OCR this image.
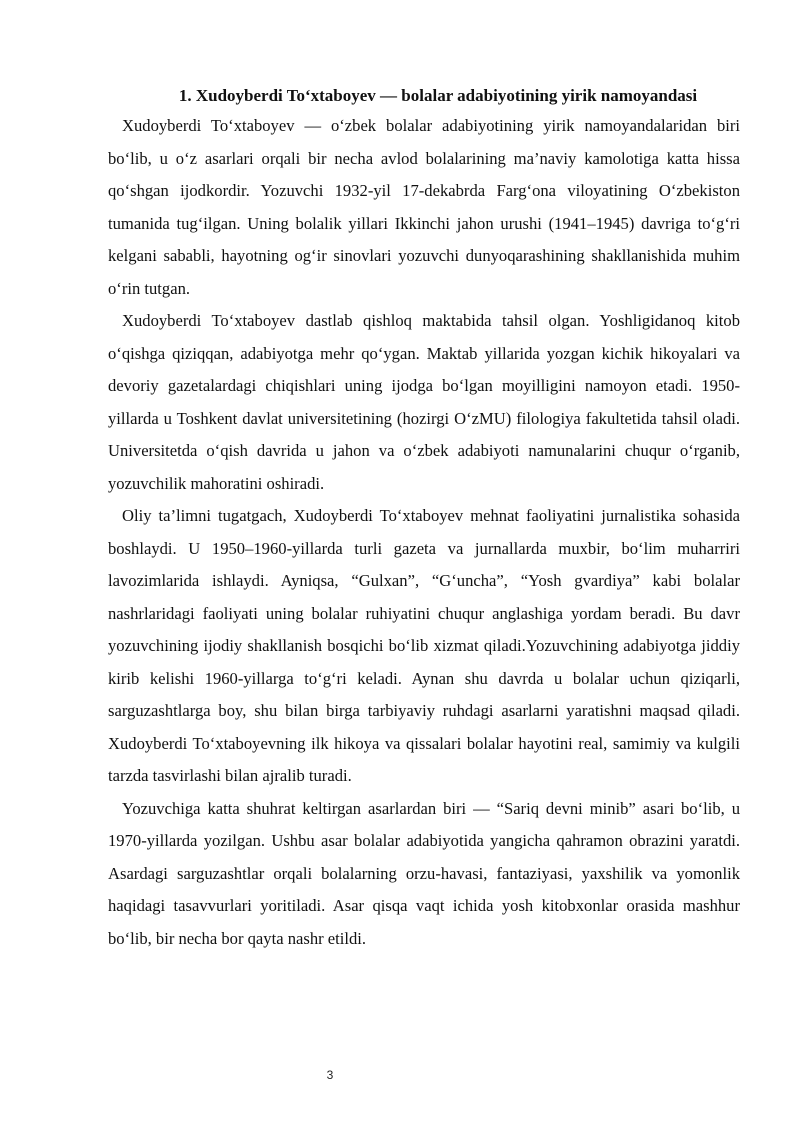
1. Xudoyberdi To‘xtaboyev — bolalar adabiyotining yirik namoyandasi

Xudoyberdi To‘xtaboyev — o‘zbek bolalar adabiyotining yirik namoyandalaridan biri bo‘lib, u o‘z asarlari orqali bir necha avlod bolalarining ma’naviy kamolotiga katta hissa qo‘shgan ijodkordir. Yozuvchi 1932-yil 17-dekabrda Farg‘ona viloyatining O‘zbekiston tumanida tug‘ilgan. Uning bolalik yillari Ikkinchi jahon urushi (1941–1945) davriga to‘g‘ri kelgani sababli, hayotning og‘ir sinovlari yozuvchi dunyoqarashining shakllanishida muhim o‘rin tutgan.

Xudoyberdi To‘xtaboyev dastlab qishloq maktabida tahsil olgan. Yoshligidanoq kitob o‘qishga qiziqqan, adabiyotga mehr qo‘ygan. Maktab yillarida yozgan kichik hikoyalari va devoriy gazetalardagi chiqishlari uning ijodga bo‘lgan moyilligini namoyon etadi. 1950-yillarda u Toshkent davlat universitetining (hozirgi O‘zMU) filologiya fakultetida tahsil oladi. Universitetda o‘qish davrida u jahon va o‘zbek adabiyoti namunalarini chuqur o‘rganib, yozuvchilik mahoratini oshiradi.

Oliy ta’limni tugatgach, Xudoyberdi To‘xtaboyev mehnat faoliyatini jurnalistika sohasida boshlaydi. U 1950–1960-yillarda turli gazeta va jurnallarda muxbir, bo‘lim muharriri lavozimlarida ishlaydi. Ayniqsa, “Gulxan”, “G‘uncha”, “Yosh gvardiya” kabi bolalar nashrlaridagi faoliyati uning bolalar ruhiyatini chuqur anglashiga yordam beradi. Bu davr yozuvchining ijodiy shakllanish bosqichi bo‘lib xizmat qiladi.Yozuvchining adabiyotga jiddiy kirib kelishi 1960-yillarga to‘g‘ri keladi. Aynan shu davrda u bolalar uchun qiziqarli, sarguzashtlarga boy, shu bilan birga tarbiyaviy ruhdagi asarlarni yaratishni maqsad qiladi. Xudoyberdi To‘xtaboyevning ilk hikoya va qissalari bolalar hayotini real, samimiy va kulgili tarzda tasvirlashi bilan ajralib turadi.

Yozuvchiga katta shuhrat keltirgan asarlardan biri — “Sariq devni minib” asari bo‘lib, u 1970-yillarda yozilgan. Ushbu asar bolalar adabiyotida yangicha qahramon obrazini yaratdi. Asardagi sarguzashtlar orqali bolalarning orzu-havasi, fantaziyasi, yaxshilik va yomonlik haqidagi tasavvurlari yoritiladi. Asar qisqa vaqt ichida yosh kitobxonlar orasida mashhur bo‘lib, bir necha bor qayta nashr etildi.

3
